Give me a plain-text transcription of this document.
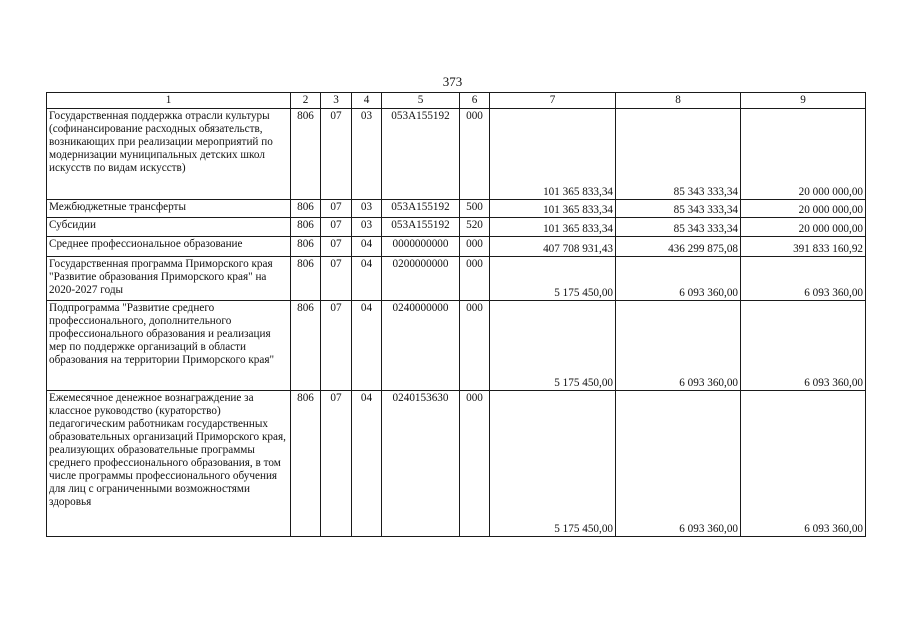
373
1	2	3	4	5	6	7	8	9
Государственная поддержка отрасли культуры (софинансирование расходных обязательств, возникающих при реализации мероприятий по модернизации муниципальных детских школ искусств по видам искусств)	806	07	03	053A155192	000	101 365 833,34	85 343 333,34	20 000 000,00
Межбюджетные трансферты	806	07	03	053A155192	500	101 365 833,34	85 343 333,34	20 000 000,00
Субсидии	806	07	03	053A155192	520	101 365 833,34	85 343 333,34	20 000 000,00
Среднее профессиональное образование	806	07	04	0000000000	000	407 708 931,43	436 299 875,08	391 833 160,92
Государственная программа Приморского края "Развитие образования Приморского края" на 2020-2027 годы	806	07	04	0200000000	000	5 175 450,00	6 093 360,00	6 093 360,00
Подпрограмма "Развитие среднего профессионального, дополнительного профессионального образования и реализация мер по поддержке организаций в области образования на территории Приморского края"	806	07	04	0240000000	000	5 175 450,00	6 093 360,00	6 093 360,00
Ежемесячное денежное вознаграждение за классное руководство (кураторство) педагогическим работникам государственных образовательных организаций Приморского края, реализующих образовательные программы среднего профессионального образования, в том числе программы профессионального обучения для лиц с ограниченными возможностями здоровья	806	07	04	0240153630	000	5 175 450,00	6 093 360,00	6 093 360,00
